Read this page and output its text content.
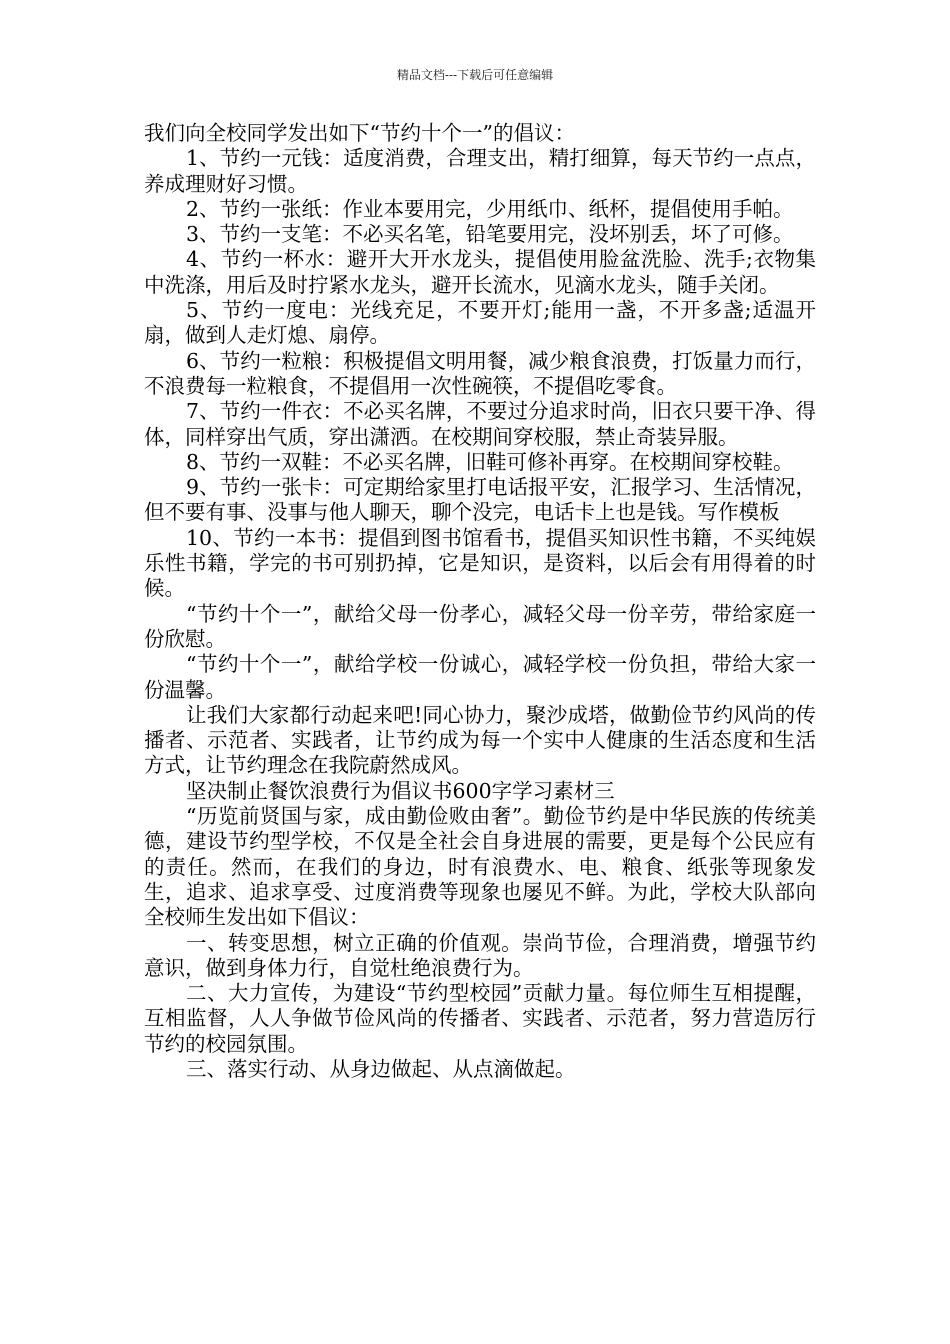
精品文档---下载后可任意编辑

我们向全校同学发出如下“节约十个一”的倡议：

1、节约一元钱：适度消费，合理支出，精打细算，每天节约一点点，养成理财好习惯。

2、节约一张纸：作业本要用完，少用纸巾、纸杯，提倡使用手帕。

3、节约一支笔：不必买名笔，铅笔要用完，没坏别丢，坏了可修。

4、节约一杯水：避开大开水龙头，提倡使用脸盆洗脸、洗手;衣物集中洗涤，用后及时拧紧水龙头，避开长流水，见滴水龙头，随手关闭。

5、节约一度电：光线充足，不要开灯;能用一盏，不开多盏;适温开扇，做到人走灯熄、扇停。

6、节约一粒粮：积极提倡文明用餐，减少粮食浪费，打饭量力而行，不浪费每一粒粮食，不提倡用一次性碗筷，不提倡吃零食。

7、节约一件衣：不必买名牌，不要过分追求时尚，旧衣只要干净、得体，同样穿出气质，穿出潇洒。在校期间穿校服，禁止奇装异服。

8、节约一双鞋：不必买名牌，旧鞋可修补再穿。在校期间穿校鞋。

9、节约一张卡：可定期给家里打电话报平安，汇报学习、生活情况，但不要有事、没事与他人聊天，聊个没完，电话卡上也是钱。写作模板

10、节约一本书：提倡到图书馆看书，提倡买知识性书籍，不买纯娱乐性书籍，学完的书可别扔掉，它是知识，是资料，以后会有用得着的时候。

“节约十个一”，献给父母一份孝心，减轻父母一份辛劳，带给家庭一份欣慰。

“节约十个一”，献给学校一份诚心，减轻学校一份负担，带给大家一份温馨。

让我们大家都行动起来吧!同心协力，聚沙成塔，做勤俭节约风尚的传播者、示范者、实践者，让节约成为每一个实中人健康的生活态度和生活方式，让节约理念在我院蔚然成风。

坚决制止餐饮浪费行为倡议书600字学习素材三

“历览前贤国与家，成由勤俭败由奢”。勤俭节约是中华民族的传统美德，建设节约型学校，不仅是全社会自身进展的需要，更是每个公民应有的责任。然而，在我们的身边，时有浪费水、电、粮食、纸张等现象发生，追求、追求享受、过度消费等现象也屡见不鲜。为此，学校大队部向全校师生发出如下倡议：

一、转变思想，树立正确的价值观。崇尚节俭，合理消费，增强节约意识，做到身体力行，自觉杜绝浪费行为。

二、大力宣传，为建设“节约型校园”贡献力量。每位师生互相提醒，互相监督，人人争做节俭风尚的传播者、实践者、示范者，努力营造厉行节约的校园氛围。

三、落实行动、从身边做起、从点滴做起。
